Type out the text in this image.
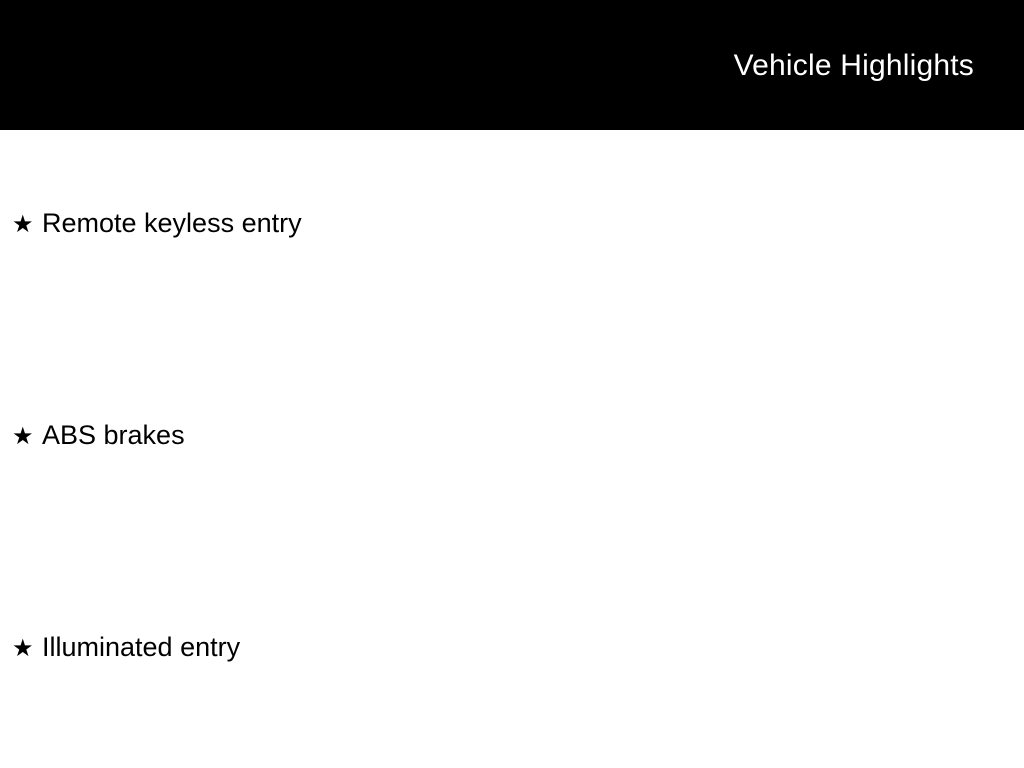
Vehicle Highlights
★ Remote keyless entry
★ ABS brakes
★ Illuminated entry
